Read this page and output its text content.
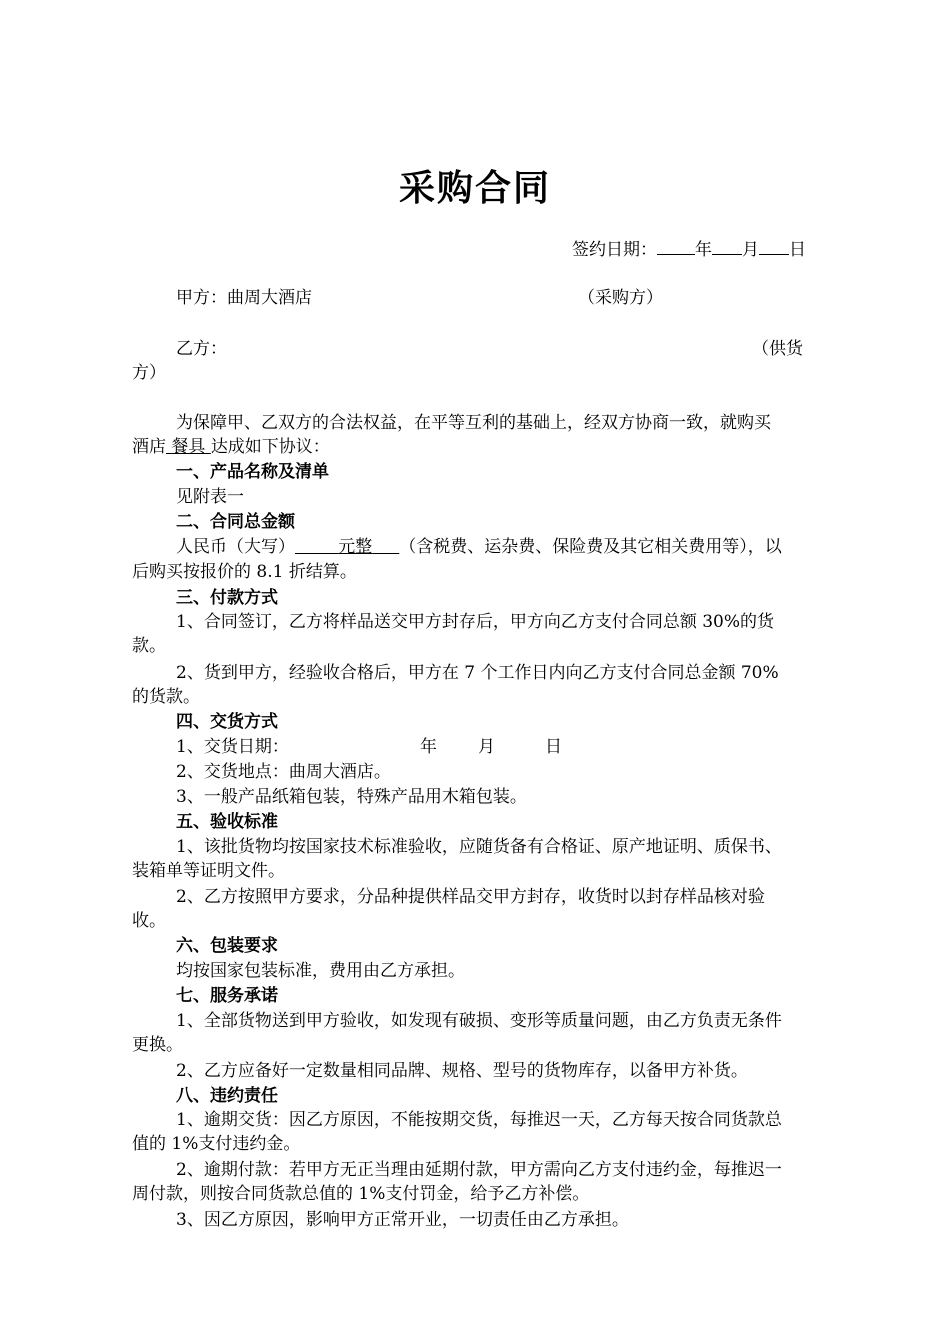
采购合同
签约日期： 年 月 日
甲方：曲周大酒店	（采购方）
乙方：	（供货
方）
为保障甲、乙双方的合法权益，在平等互利的基础上，经双方协商一致，就购买
酒店 餐具 达成如下协议：
一、产品名称及清单
见附表一
二、合同总金额
人民币（大写）	元整 （含税费、运杂费、保险费及其它相关费用等），以
后购买按报价的 8.1 折结算。
三、付款方式
1、合同签订，乙方将样品送交甲方封存后，甲方向乙方支付合同总额 30%的货
款。
2、货到甲方，经验收合格后，甲方在 7 个工作日内向乙方支付合同总金额 70%
的货款。
四、交货方式
1、交货日期：	年 月	日
2、交货地点：曲周大酒店。
3、一般产品纸箱包装，特殊产品用木箱包装。
五、验收标准
1、该批货物均按国家技术标准验收，应随货备有合格证、原产地证明、质保书、
装箱单等证明文件。
2、乙方按照甲方要求，分品种提供样品交甲方封存，收货时以封存样品核对验
收。
六、包装要求
均按国家包装标准，费用由乙方承担。
七、服务承诺
1、全部货物送到甲方验收，如发现有破损、变形等质量问题，由乙方负责无条件
更换。
2、乙方应备好一定数量相同品牌、规格、型号的货物库存，以备甲方补货。
八、违约责任
1、逾期交货：因乙方原因，不能按期交货，每推迟一天，乙方每天按合同货款总
值的 1%支付违约金。
2、逾期付款：若甲方无正当理由延期付款，甲方需向乙方支付违约金，每推迟一
周付款，则按合同货款总值的 1%支付罚金，给予乙方补偿。
3、因乙方原因，影响甲方正常开业，一切责任由乙方承担。
